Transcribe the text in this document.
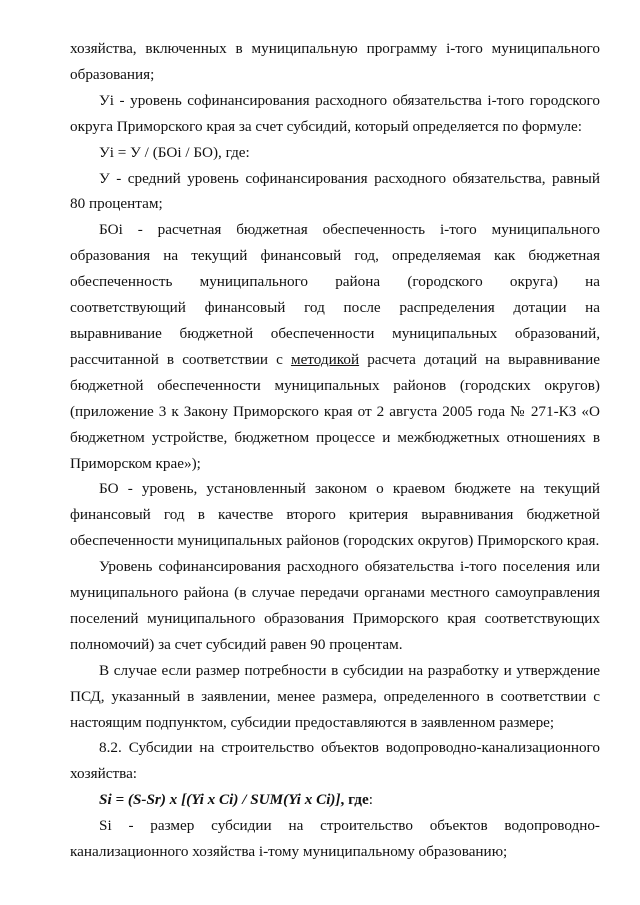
хозяйства, включенных в муниципальную программу i-того муниципального образования;

Уi - уровень софинансирования расходного обязательства i-того городского округа Приморского края за счет субсидий, который определяется по формуле:

Уi = У / (БОi / БО), где:

У - средний уровень софинансирования расходного обязательства, равный 80 процентам;

БОi - расчетная бюджетная обеспеченность i-того муниципального образования на текущий финансовый год, определяемая как бюджетная обеспеченность муниципального района (городского округа) на соответствующий финансовый год после распределения дотации на выравнивание бюджетной обеспеченности муниципальных образований, рассчитанной в соответствии с методикой расчета дотаций на выравнивание бюджетной обеспеченности муниципальных районов (городских округов) (приложение 3 к Закону Приморского края от 2 августа 2005 года № 271-КЗ «О бюджетном устройстве, бюджетном процессе и межбюджетных отношениях в Приморском крае»);

БО - уровень, установленный законом о краевом бюджете на текущий финансовый год в качестве второго критерия выравнивания бюджетной обеспеченности муниципальных районов (городских округов) Приморского края.

Уровень софинансирования расходного обязательства i-того поселения или муниципального района (в случае передачи органами местного самоуправления поселений муниципального образования Приморского края соответствующих полномочий) за счет субсидий равен 90 процентам.

В случае если размер потребности в субсидии на разработку и утверждение ПСД, указанный в заявлении, менее размера, определенного в соответствии с настоящим подпунктом, субсидии предоставляются в заявленном размере;

8.2. Субсидии на строительство объектов водопроводно-канализационного хозяйства:

Si = (S-Sr) x [(Yi x Ci) / SUM(Yi x Ci)], где:

Si - размер субсидии на строительство объектов водопроводно-канализационного хозяйства i-тому муниципальному образованию;
